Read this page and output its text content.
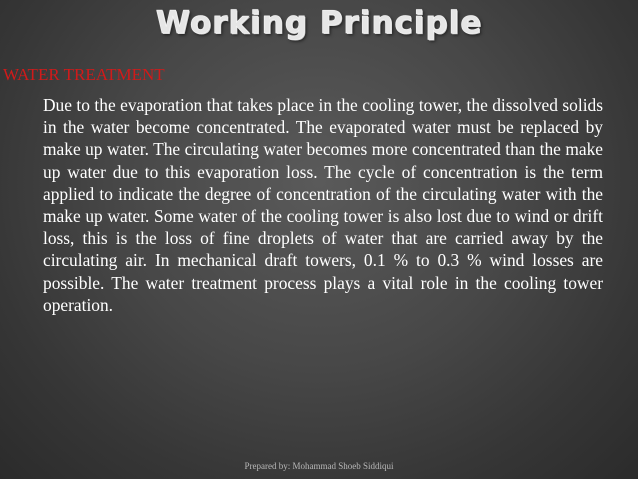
Working Principle
WATER TREATMENT

Due to the evaporation that takes place in the cooling tower, the dissolved solids in the water become concentrated. The evaporated water must be replaced by make up water. The circulating water becomes more concentrated than the make up water due to this evaporation loss. The cycle of concentration is the term applied to indicate the degree of concentration of the circulating water with the make up water. Some water of the cooling tower is also lost due to wind or drift loss, this is the loss of fine droplets of water that are carried away by the circulating air. In mechanical draft towers, 0.1 % to 0.3 % wind losses are possible. The water treatment process plays a vital role in the cooling tower operation.

Prepared by: Mohammad Shoeb Siddiqui
